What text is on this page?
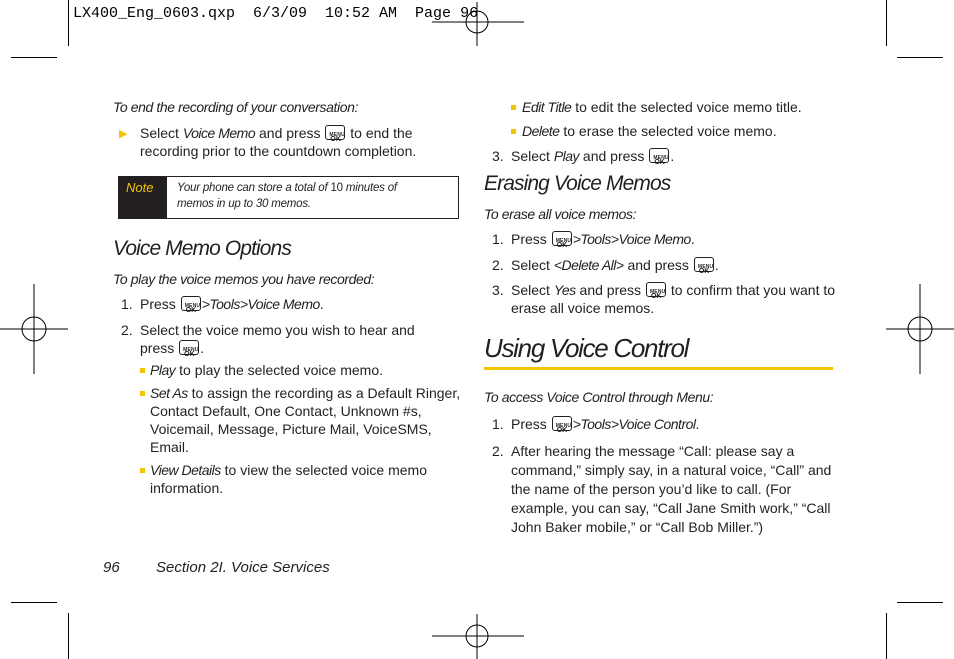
LX400_Eng_0603.qxp  6/3/09  10:52 AM  Page 96
To end the recording of your conversation:
▶ Select Voice Memo and press MENU
OK to end the
recording prior to the countdown completion.
Note Your phone can store a total of 10 minutes of
memos in up to 30 memos.
Voice Memo Options
To play the voice memos you have recorded:
1. Press MENU
OK >Tools>Voice Memo.
2. Select the voice memo you wish to hear and
press MENU
OK .
Play to play the selected voice memo.
Set As to assign the recording as a Default Ringer,
Contact Default, One Contact, Unknown #s,
Voicemail, Message, Picture Mail, VoiceSMS,
Email.
View Details to view the selected voice memo
information.
96 Section 2I. Voice Services
Edit Title to edit the selected voice memo title.
Delete to erase the selected voice memo.
3. Select Play and press MENU
OK .
Erasing Voice Memos
To erase all voice memos:
1. Press MENU
OK >Tools>Voice Memo.
2. Select <Delete All> and press MENU
OK .
3. Select Yes and press MENU
OK to confirm that you want to
erase all voice memos.
Using Voice Control
To access Voice Control through Menu:
1. Press MENU
OK >Tools>Voice Control.
2. After hearing the message “Call: please say a
command,” simply say, in a natural voice, “Call” and
the name of the person you’d like to call. (For
example, you can say, “Call Jane Smith work,” “Call
John Baker mobile,” or “Call Bob Miller.”)
